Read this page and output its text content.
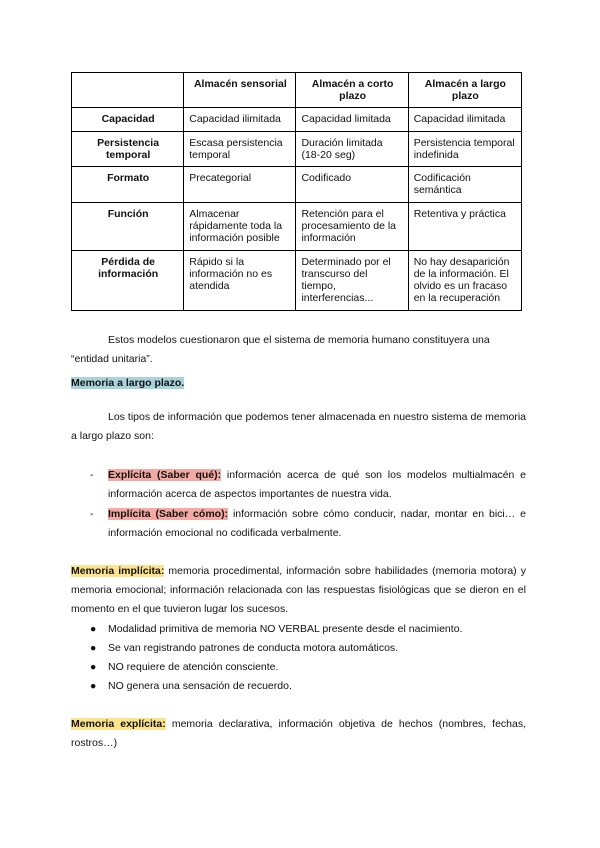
	Almacén sensorial	Almacén a corto plazo	Almacén a largo plazo
Capacidad	Capacidad ilimitada	Capacidad limitada	Capacidad ilimitada
Persistencia temporal	Escasa persistencia temporal	Duración limitada (18-20 seg)	Persistencia temporal indefinida
Formato	Precategorial	Codificado	Codificación semántica
Función	Almacenar rápidamente toda la información posible	Retención para el procesamiento de la información	Retentiva y práctica
Pérdida de información	Rápido si la información no es atendida	Determinado por el transcurso del tiempo, interferencias...	No hay desaparición de la información. El olvido es un fracaso en la recuperación

Estos modelos cuestionaron que el sistema de memoria humano constituyera una “entidad unitaria”.

Memoria a largo plazo.

Los tipos de información que podemos tener almacenada en nuestro sistema de memoria a largo plazo son:

- Explícita (Saber qué): información acerca de qué son los modelos multialmacén e información acerca de aspectos importantes de nuestra vida.

- Implícita (Saber cómo): información sobre cómo conducir, nadar, montar en bici… e información emocional no codificada verbalmente.

Memoria implícita: memoria procedimental, información sobre habilidades (memoria motora) y memoria emocional; información relacionada con las respuestas fisiológicas que se dieron en el momento en el que tuvieron lugar los sucesos.

● Modalidad primitiva de memoria NO VERBAL presente desde el nacimiento.

● Se van registrando patrones de conducta motora automáticos.

● NO requiere de atención consciente.

● NO genera una sensación de recuerdo.

Memoria explícita: memoria declarativa, información objetiva de hechos (nombres, fechas, rostros…)
